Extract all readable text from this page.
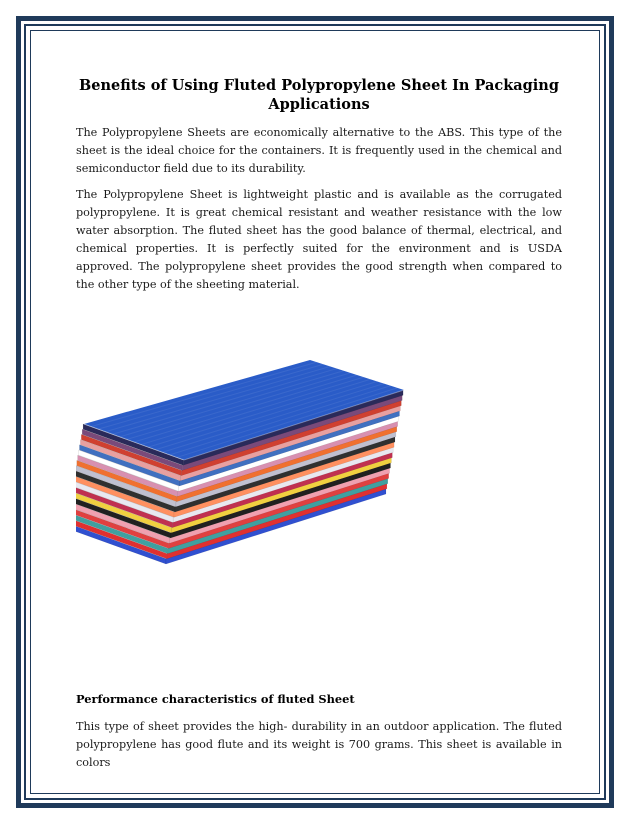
Benefits of Using Fluted Polypropylene Sheet In Packaging Applications

The Polypropylene Sheets are economically alternative to the ABS. This type of the sheet is the ideal choice for the containers. It is frequently used in the chemical and semiconductor field due to its durability.

The Polypropylene Sheet is lightweight plastic and is available as the corrugated polypropylene. It is great chemical resistant and weather resistance with the low water absorption. The fluted sheet has the good balance of thermal, electrical, and chemical properties. It is perfectly suited for the environment and is USDA approved. The polypropylene sheet provides the good strength when compared to the other type of the sheeting material.

Performance characteristics of fluted Sheet

This type of sheet provides the high- durability in an outdoor application. The fluted polypropylene has good flute and its weight is 700 grams. This sheet is available in colors
